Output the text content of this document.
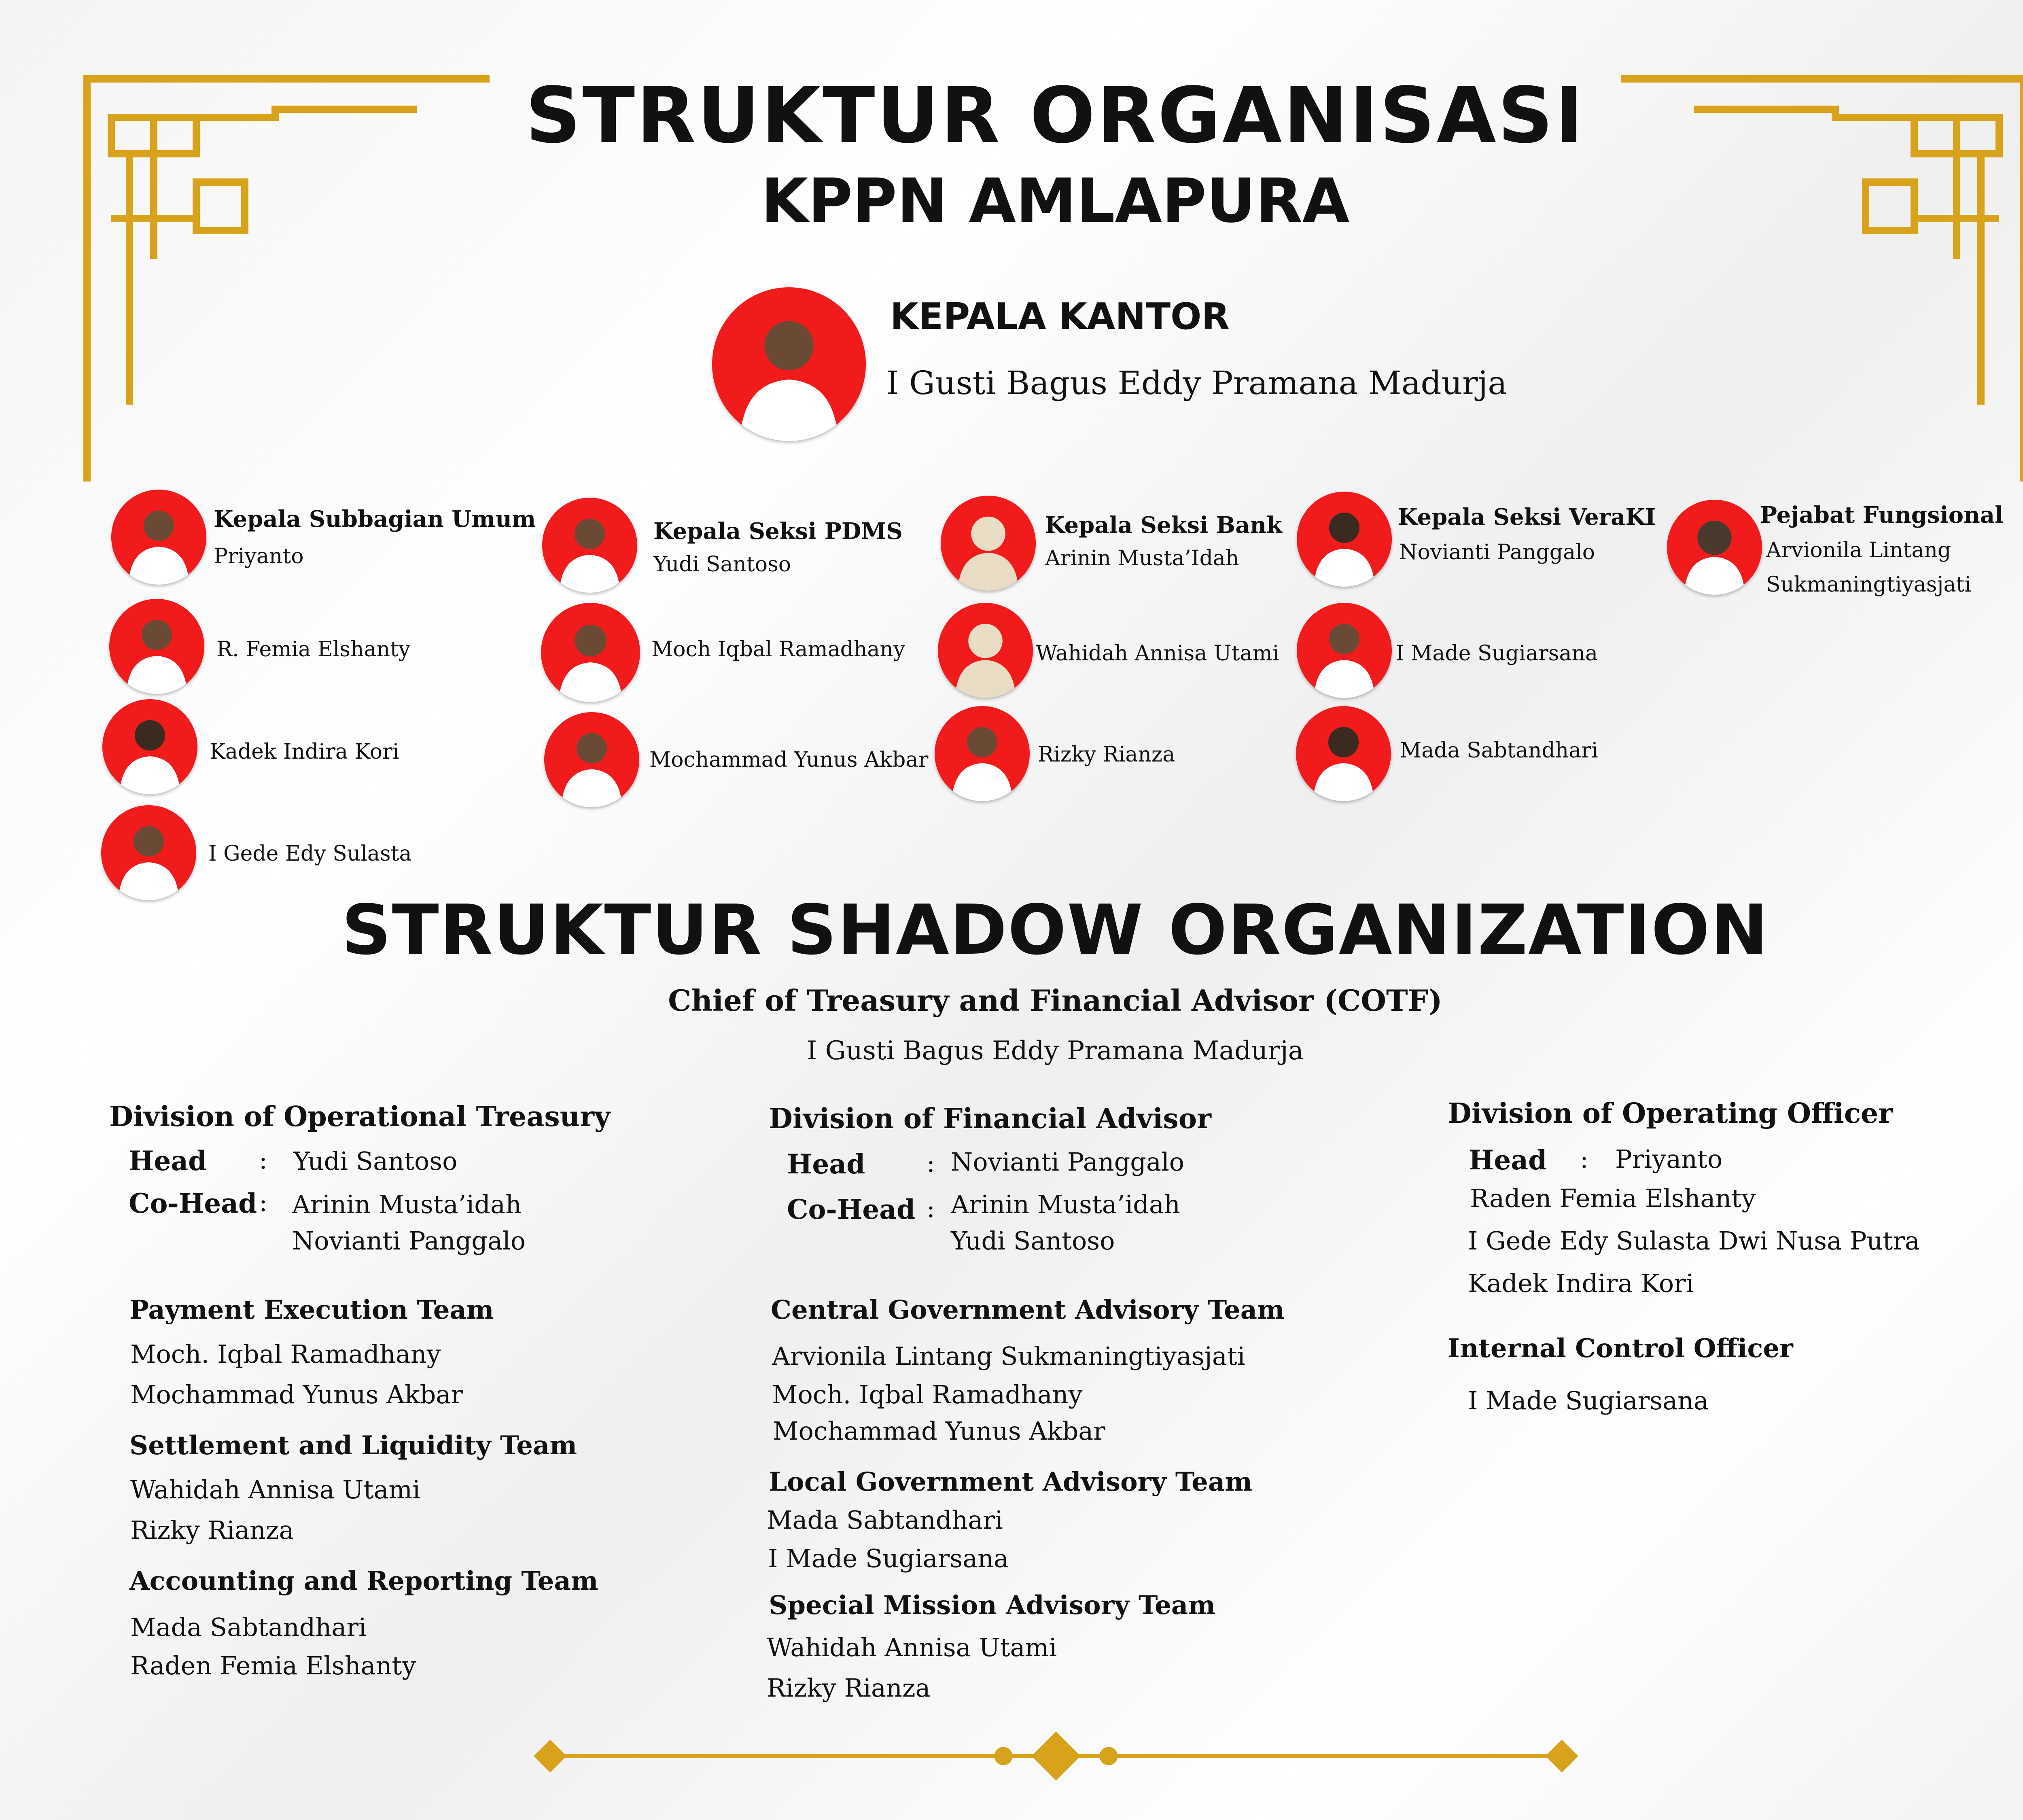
STRUKTUR ORGANISASI
KPPN AMLAPURA
KEPALA KANTOR
I Gusti Bagus Eddy Pramana Madurja
Kepala Subbagian Umum
Priyanto
R. Femia Elshanty
Kadek Indira Kori
I Gede Edy Sulasta
Kepala Seksi PDMS
Yudi Santoso
Moch Iqbal Ramadhany
Mochammad Yunus Akbar
Kepala Seksi Bank
Arinin Musta’Idah
Wahidah Annisa Utami
Rizky Rianza
Kepala Seksi VeraKI
Novianti Panggalo
I Made Sugiarsana
Mada Sabtandhari
Pejabat Fungsional
Arvionila Lintang
Sukmaningtiyasjati
STRUKTUR SHADOW ORGANIZATION
Chief of Treasury and Financial Advisor (COTF)
I Gusti Bagus Eddy Pramana Madurja
Division of Operational Treasury
Head : Yudi Santoso
Co-Head : Arinin Musta’idah
Novianti Panggalo
Payment Execution Team
Moch. Iqbal Ramadhany
Mochammad Yunus Akbar
Settlement and Liquidity Team
Wahidah Annisa Utami
Rizky Rianza
Accounting and Reporting Team
Mada Sabtandhari
Raden Femia Elshanty
Division of Financial Advisor
Head : Novianti Panggalo
Co-Head : Arinin Musta’idah
Yudi Santoso
Central Government Advisory Team
Arvionila Lintang Sukmaningtiyasjati
Moch. Iqbal Ramadhany
Mochammad Yunus Akbar
Local Government Advisory Team
Mada Sabtandhari
I Made Sugiarsana
Special Mission Advisory Team
Wahidah Annisa Utami
Rizky Rianza
Division of Operating Officer
Head : Priyanto
Raden Femia Elshanty
I Gede Edy Sulasta Dwi Nusa Putra
Kadek Indira Kori
Internal Control Officer
I Made Sugiarsana
